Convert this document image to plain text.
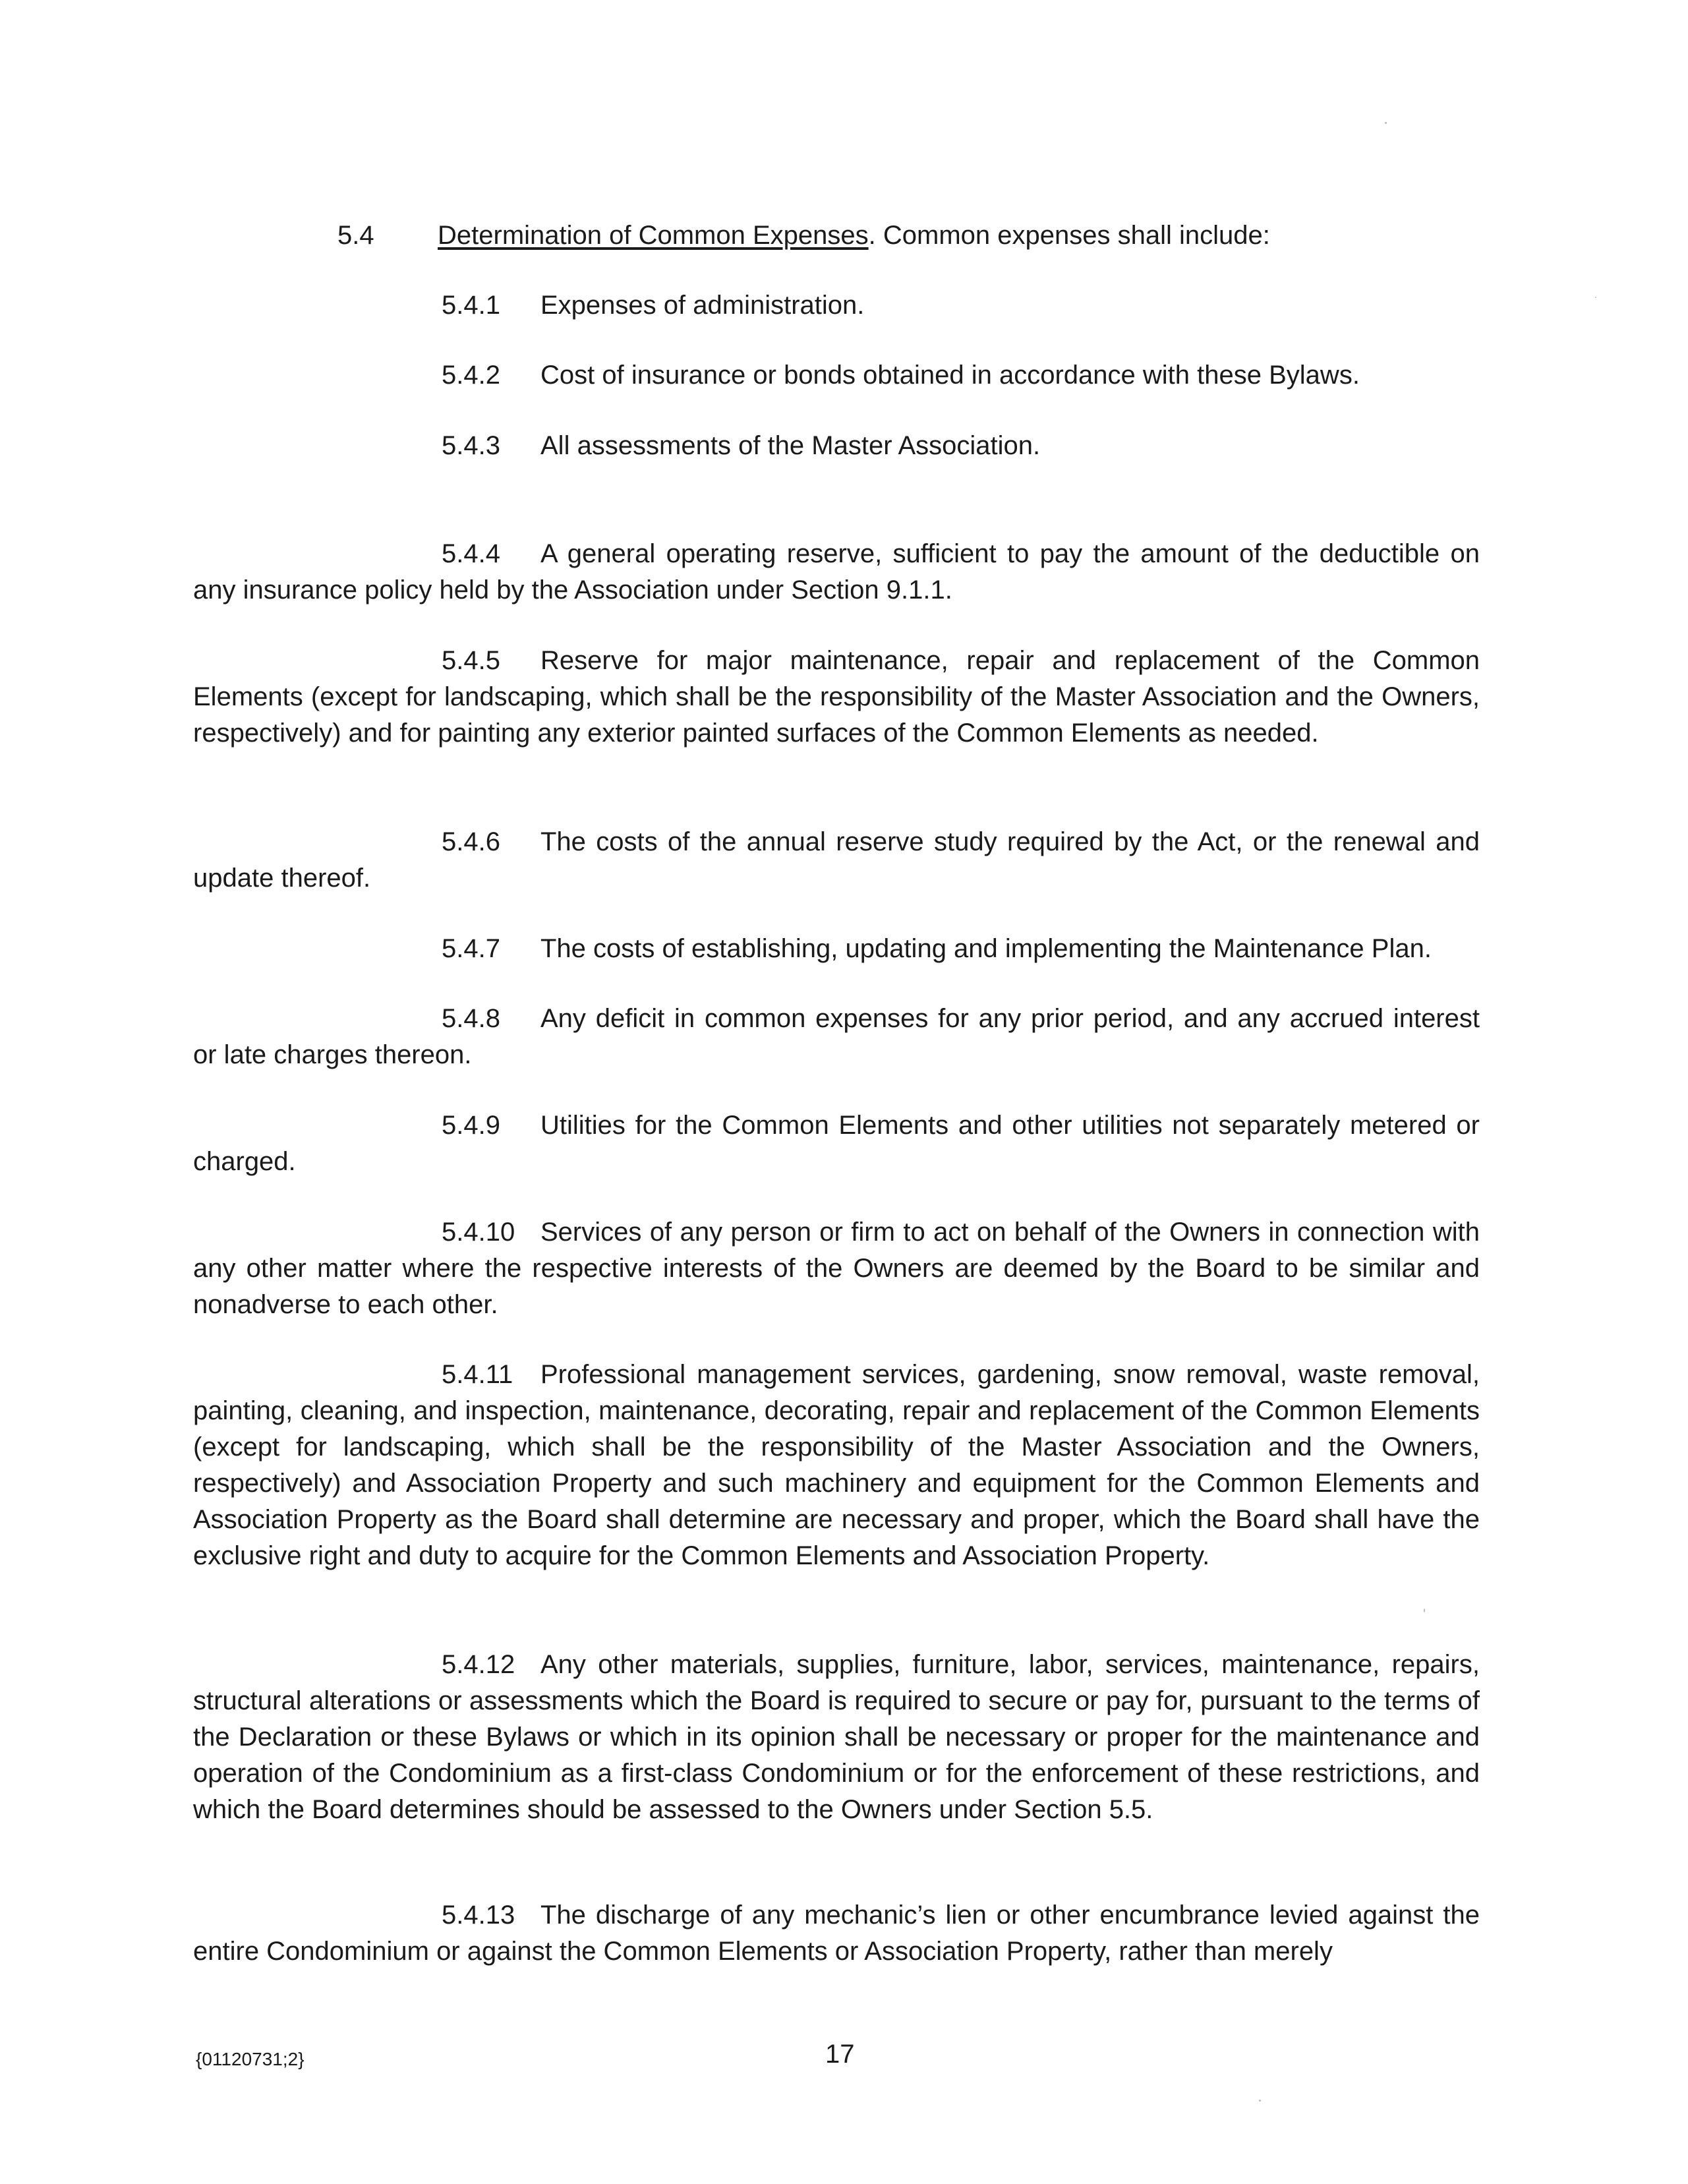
5.4 Determination of Common Expenses. Common expenses shall include:
5.4.1 Expenses of administration.
5.4.2 Cost of insurance or bonds obtained in accordance with these Bylaws.
5.4.3 All assessments of the Master Association.
5.4.4 A general operating reserve, sufficient to pay the amount of the deductible on any insurance policy held by the Association under Section 9.1.1.
5.4.5 Reserve for major maintenance, repair and replacement of the Common Elements (except for landscaping, which shall be the responsibility of the Master Association and the Owners, respectively) and for painting any exterior painted surfaces of the Common Elements as needed.
5.4.6 The costs of the annual reserve study required by the Act, or the renewal and update thereof.
5.4.7 The costs of establishing, updating and implementing the Maintenance Plan.
5.4.8 Any deficit in common expenses for any prior period, and any accrued interest or late charges thereon.
5.4.9 Utilities for the Common Elements and other utilities not separately metered or charged.
5.4.10 Services of any person or firm to act on behalf of the Owners in connection with any other matter where the respective interests of the Owners are deemed by the Board to be similar and nonadverse to each other.
5.4.11 Professional management services, gardening, snow removal, waste removal, painting, cleaning, and inspection, maintenance, decorating, repair and replacement of the Common Elements (except for landscaping, which shall be the responsibility of the Master Association and the Owners, respectively) and Association Property and such machinery and equipment for the Common Elements and Association Property as the Board shall determine are necessary and proper, which the Board shall have the exclusive right and duty to acquire for the Common Elements and Association Property.
5.4.12 Any other materials, supplies, furniture, labor, services, maintenance, repairs, structural alterations or assessments which the Board is required to secure or pay for, pursuant to the terms of the Declaration or these Bylaws or which in its opinion shall be necessary or proper for the maintenance and operation of the Condominium as a first-class Condominium or for the enforcement of these restrictions, and which the Board determines should be assessed to the Owners under Section 5.5.
5.4.13 The discharge of any mechanic’s lien or other encumbrance levied against the entire Condominium or against the Common Elements or Association Property, rather than merely
{01120731;2}	17
